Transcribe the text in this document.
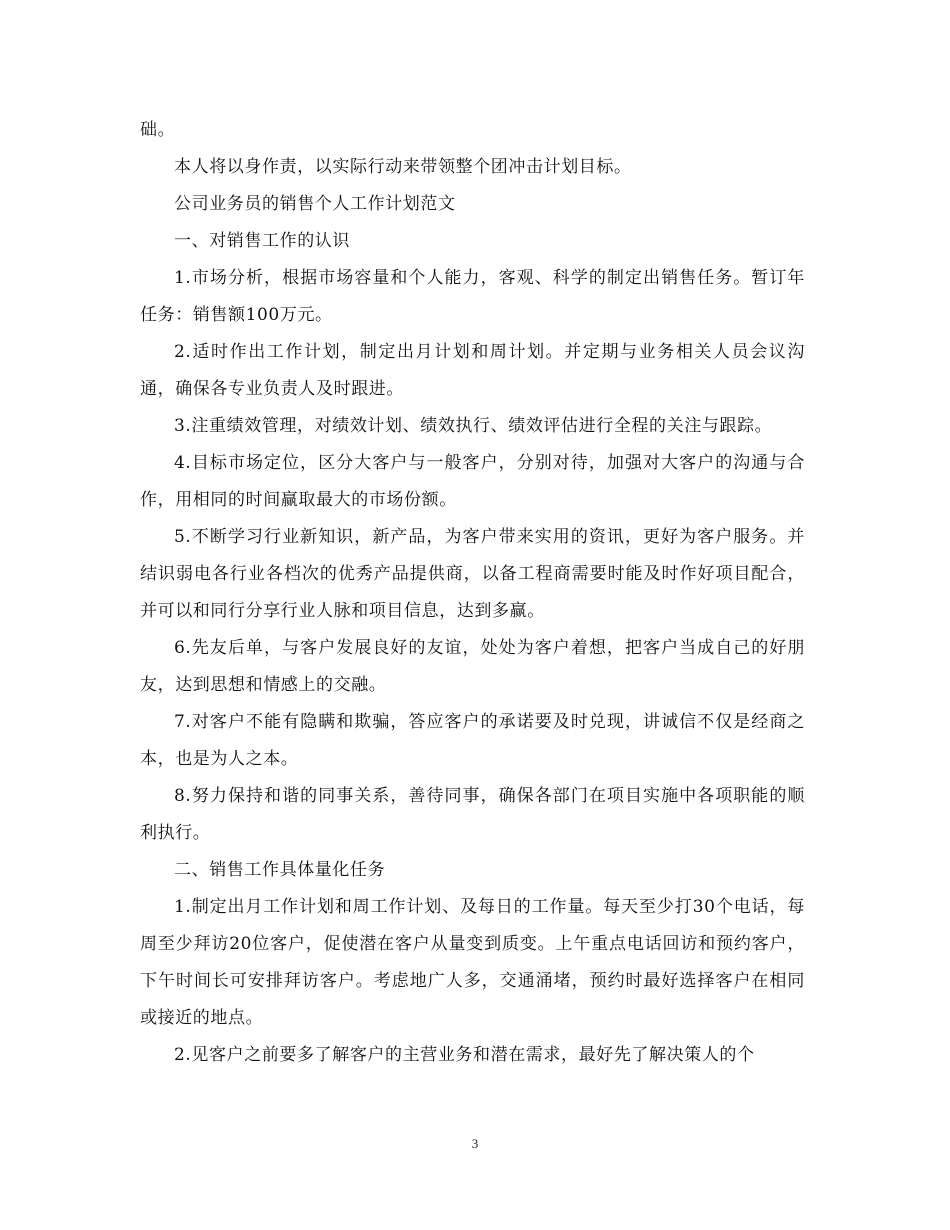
础。

本人将以身作责，以实际行动来带领整个团冲击计划目标。

公司业务员的销售个人工作计划范文

一、对销售工作的认识

1.市场分析，根据市场容量和个人能力，客观、科学的制定出销售任务。暂订年任务：销售额100万元。

2.适时作出工作计划，制定出月计划和周计划。并定期与业务相关人员会议沟通，确保各专业负责人及时跟进。

3.注重绩效管理，对绩效计划、绩效执行、绩效评估进行全程的关注与跟踪。

4.目标市场定位，区分大客户与一般客户，分别对待，加强对大客户的沟通与合作，用相同的时间赢取最大的市场份额。

5.不断学习行业新知识，新产品，为客户带来实用的资讯，更好为客户服务。并结识弱电各行业各档次的优秀产品提供商，以备工程商需要时能及时作好项目配合，并可以和同行分享行业人脉和项目信息，达到多赢。

6.先友后单，与客户发展良好的友谊，处处为客户着想，把客户当成自己的好朋友，达到思想和情感上的交融。

7.对客户不能有隐瞒和欺骗，答应客户的承诺要及时兑现，讲诚信不仅是经商之本，也是为人之本。

8.努力保持和谐的同事关系，善待同事，确保各部门在项目实施中各项职能的顺利执行。

二、销售工作具体量化任务

1.制定出月工作计划和周工作计划、及每日的工作量。每天至少打30个电话，每周至少拜访20位客户，促使潜在客户从量变到质变。上午重点电话回访和预约客户，下午时间长可安排拜访客户。考虑地广人多，交通涌堵，预约时最好选择客户在相同或接近的地点。

2.见客户之前要多了解客户的主营业务和潜在需求，最好先了解决策人的个

3
